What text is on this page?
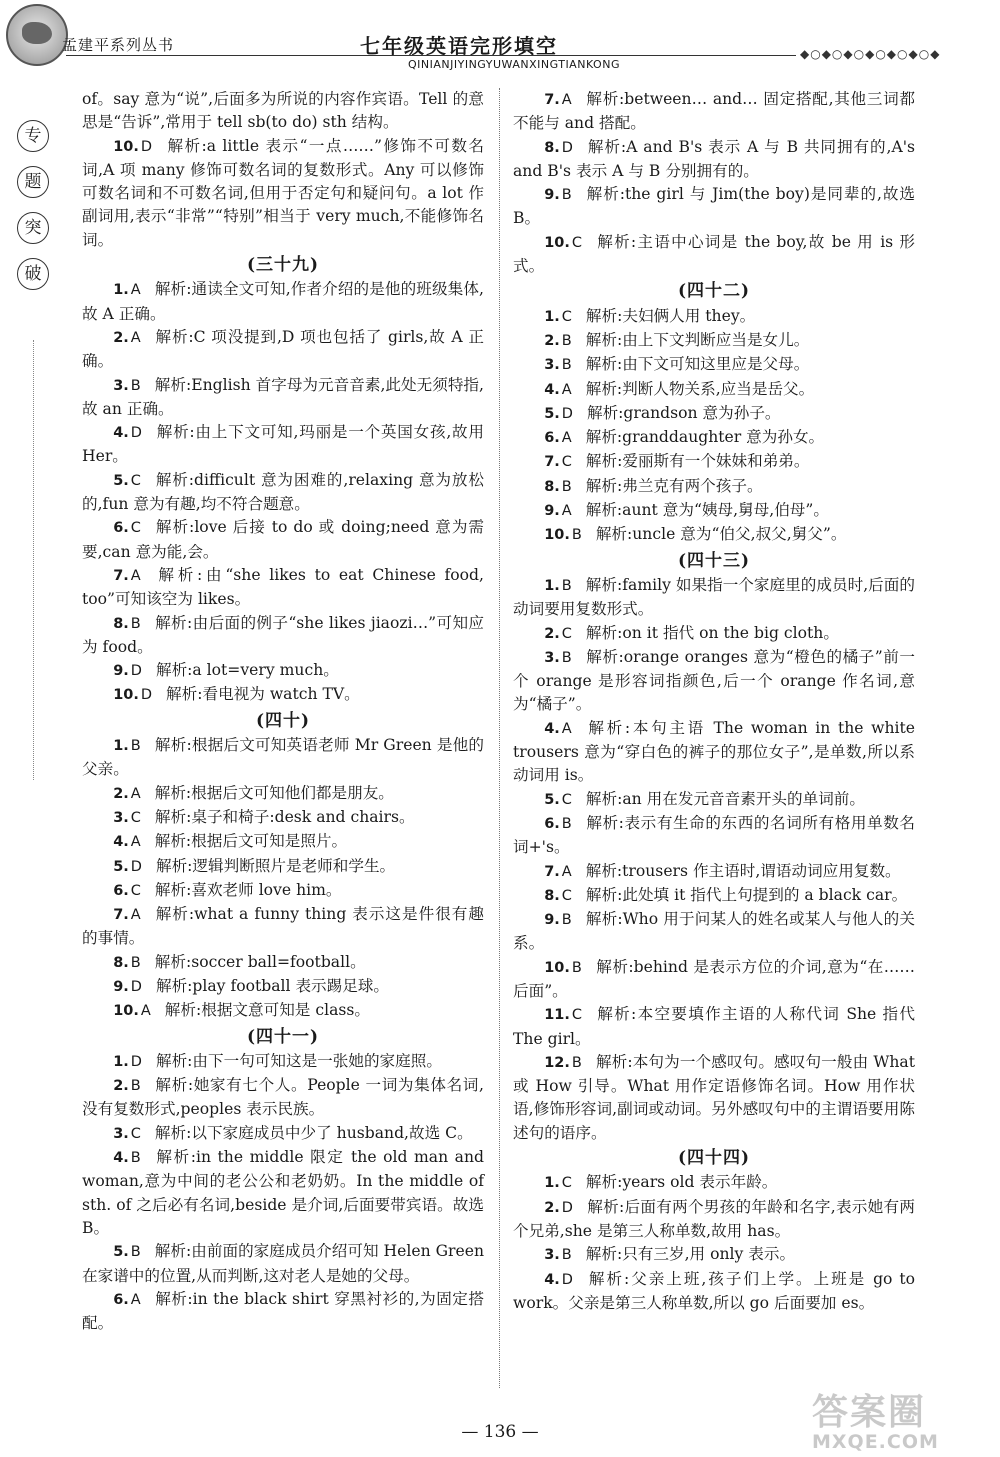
孟建平系列丛书	七年级英语完形填空	◆○◆○◆○◆○◆○◆○◆
QINIANJIYINGYUWANXINGTIANKONG
专
题
突
破

of。say 意为“说”,后面多为所说的内容作宾语。Tell 的意思是“告诉”,常用于 tell sb(to do) sth 结构。

10. D 解析:a little 表示“一点……”修饰不可数名词,A 项 many 修饰可数名词的复数形式。Any 可以修饰可数名词和不可数名词,但用于否定句和疑问句。a lot 作副词用,表示“非常”“特别”相当于 very much,不能修饰名词。

(三十九)

1. A 解析:通读全文可知,作者介绍的是他的班级集体,故 A 正确。

2. A 解析:C 项没提到,D 项也包括了 girls,故 A 正确。

3. B 解析:English 首字母为元音音素,此处无须特指,故 an 正确。

4. D 解析:由上下文可知,玛丽是一个英国女孩,故用 Her。

5. C 解析:difficult 意为困难的,relaxing 意为放松的,fun 意为有趣,均不符合题意。

6. C 解析:love 后接 to do 或 doing;need 意为需要,can 意为能,会。

7. A 解析:由“she likes to eat Chinese food, too”可知该空为 likes。

8. B 解析:由后面的例子“she likes jiaozi…”可知应为 food。

9. D 解析:a lot=very much。

10. D 解析:看电视为 watch TV。

(四十)

1. B 解析:根据后文可知英语老师 Mr Green 是他的父亲。

2. A 解析:根据后文可知他们都是朋友。

3. C 解析:桌子和椅子:desk and chairs。

4. A 解析:根据后文可知是照片。

5. D 解析:逻辑判断照片是老师和学生。

6. C 解析:喜欢老师 love him。

7. A 解析:what a funny thing 表示这是件很有趣的事情。

8. B 解析:soccer ball=football。

9. D 解析:play football 表示踢足球。

10. A 解析:根据文意可知是 class。

(四十一)

1. D 解析:由下一句可知这是一张她的家庭照。

2. B 解析:她家有七个人。People 一词为集体名词,没有复数形式,peoples 表示民族。

3. C 解析:以下家庭成员中少了 husband,故选 C。

4. B 解析:in the middle 限定 the old man and woman,意为中间的老公公和老奶奶。In the middle of sth. of 之后必有名词,beside 是介词,后面要带宾语。故选 B。

5. B 解析:由前面的家庭成员介绍可知 Helen Green 在家谱中的位置,从而判断,这对老人是她的父母。

6. A 解析:in the black shirt 穿黑衬衫的,为固定搭配。

7. A 解析:between… and… 固定搭配,其他三词都不能与 and 搭配。

8. D 解析:A and B's 表示 A 与 B 共同拥有的,A's and B's 表示 A 与 B 分别拥有的。

9. B 解析:the girl 与 Jim(the boy)是同辈的,故选 B。

10. C 解析:主语中心词是 the boy,故 be 用 is 形式。

(四十二)

1. C 解析:夫妇俩人用 they。

2. B 解析:由上下文判断应当是女儿。

3. B 解析:由下文可知这里应是父母。

4. A 解析:判断人物关系,应当是岳父。

5. D 解析:grandson 意为孙子。

6. A 解析:granddaughter 意为孙女。

7. C 解析:爱丽斯有一个妹妹和弟弟。

8. B 解析:弗兰克有两个孩子。

9. A 解析:aunt 意为“姨母,舅母,伯母”。

10. B 解析:uncle 意为“伯父,叔父,舅父”。

(四十三)

1. B 解析:family 如果指一个家庭里的成员时,后面的动词要用复数形式。

2. C 解析:on it 指代 on the big cloth。

3. B 解析:orange oranges 意为“橙色的橘子”前一个 orange 是形容词指颜色,后一个 orange 作名词,意为“橘子”。

4. A 解析:本句主语 The woman in the white trousers 意为“穿白色的裤子的那位女子”,是单数,所以系动词用 is。

5. C 解析:an 用在发元音音素开头的单词前。

6. B 解析:表示有生命的东西的名词所有格用单数名词+'s。

7. A 解析:trousers 作主语时,谓语动词应用复数。

8. C 解析:此处填 it 指代上句提到的 a black car。

9. B 解析:Who 用于问某人的姓名或某人与他人的关系。

10. B 解析:behind 是表示方位的介词,意为“在……后面”。

11. C 解析:本空要填作主语的人称代词 She 指代 The girl。

12. B 解析:本句为一个感叹句。感叹句一般由 What 或 How 引导。What 用作定语修饰名词。How 用作状语,修饰形容词,副词或动词。另外感叹句中的主谓语要用陈述句的语序。

(四十四)

1. C 解析:years old 表示年龄。

2. D 解析:后面有两个男孩的年龄和名字,表示她有两个兄弟,she 是第三人称单数,故用 has。

3. B 解析:只有三岁,用 only 表示。

4. D 解析:父亲上班,孩子们上学。上班是 go to work。父亲是第三人称单数,所以 go 后面要加 es。

— 136 —	答案圈
MXQE.COM
